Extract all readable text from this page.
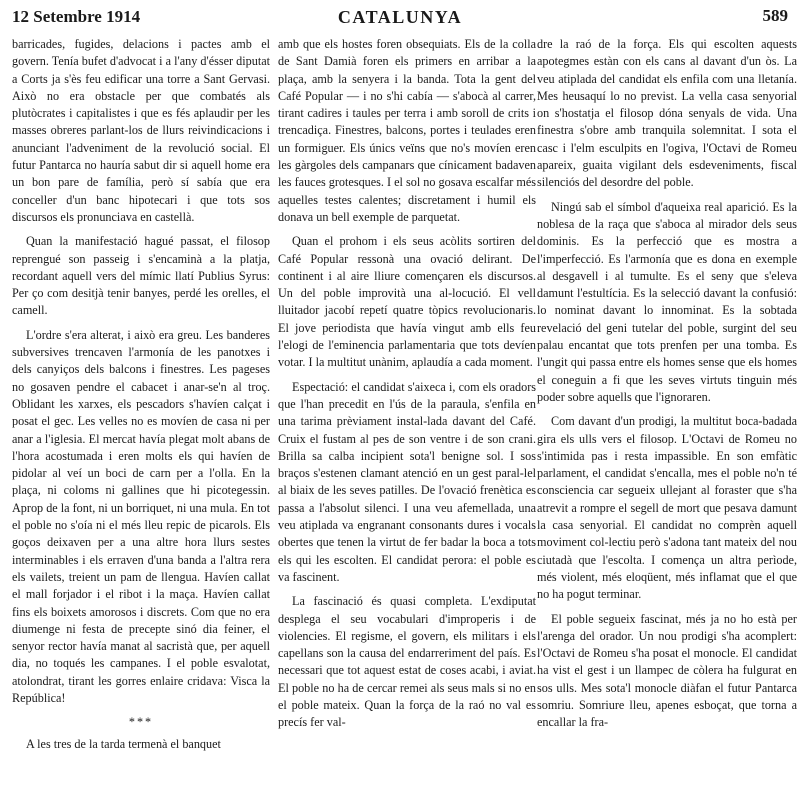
12 Setembre 1914	CATALUNYA	589

barricades, fugides, delacions i pactes amb el govern. Tenía bufet d'advocat i a l'any d'ésser diputat a Corts ja s'ès feu edificar una torre a Sant Gervasi. Això no era obstacle per que combatés als plutòcrates i capitalistes i que es fés aplaudir per les masses obreres parlant-los de llurs reivindicacions i anunciant l'adveniment de la revolució social. El futur Pantarca no hauría sabut dir si aquell home era un bon pare de família, però sí sabía que era conceller d'un banc hipotecari i que tots sos discursos els pronunciava en castellà.

Quan la manifestació hagué passat, el filosop reprengué son passeig i s'encaminà a la platja, recordant aquell vers del mímic llatí Publius Syrus: Per ço com desitjà tenir banyes, perdé les orelles, el camell.

L'ordre s'era alterat, i això era greu. Les banderes subversives trencaven l'armonía de les panotxes i dels canyiços dels balcons i finestres. Les pageses no gosaven pendre el cabacet i anar-se'n al troç. Oblidant les xarxes, els pescadors s'havíen calçat i posat el gec. Les velles no es movíen de casa ni per anar a l'iglesia. El mercat havía plegat molt abans de l'hora acostumada i eren molts els qui havíen de pidolar al veí un boci de carn per a l'olla. En la plaça, ni coloms ni gallines que hi picotegessin. Aprop de la font, ni un borriquet, ni una mula. En tot el poble no s'oía ni el més lleu repic de picarols. Els goços deixaven per a una altre hora llurs sestes interminables i els erraven d'una banda a l'altra rera els vailets, treient un pam de llengua. Havíen callat el mall forjador i el ribot i la maça. Havíen callat fins els boixets amorosos i discrets. Com que no era diumenge ni festa de precepte sinó dia feiner, el senyor rector havía manat al sacristà que, per aquell dia, no toqués les campanes. I el poble esvalotat, atolondrat, tirant les gorres enlaire cridava: Visca la República!

***

A les tres de la tarda termenà el banquet

amb que els hostes foren obsequiats. Els de la colla de Sant Damià foren els primers en arribar a la plaça, amb la senyera i la banda. Tota la gent del Café Popular — i no s'hi cabía — s'abocà al carrer, tirant cadires i taules per terra i amb soroll de crits i trencadiça. Finestres, balcons, portes i teulades eren un formiguer. Els únics veïns que no's movíen eren les gàrgoles dels campanars que cínicament badaven les fauces grotesques. I el sol no gosava escalfar més aquelles testes calentes; discretament i humil els donava un bell exemple de parquetat.

Quan el prohom i els seus acòlits sortiren del Café Popular ressonà una ovació delirant. De continent i al aire lliure començaren els discursos. Un del poble improvità una al-locució. El vell lluitador jacobí repetí quatre tòpics revolucionaris. El jove periodista que havía vingut amb ells feu l'elogi de l'eminencia parlamentaria que tots devíen votar. I la multitut unànim, aplaudía a cada moment.

Espectació: el candidat s'aixeca i, com els oradors que l'han precedit en l'ús de la paraula, s'enfila en una tarima prèviament instal-lada davant del Café. Cruix el fustam al pes de son ventre i de son crani. Brilla sa calba incipient sota'l benigne sol. I sos braços s'estenen clamant atenció en un gest paral-lel al biaix de les seves patilles. De l'ovació frenètica es passa a l'absolut silenci. I una veu afemellada, una veu atiplada va engranant consonants dures i vocals obertes que tenen la virtut de fer badar la boca a tots els qui les escolten. El candidat perora: el poble es va fascinent.

La fascinació és quasi completa. L'exdiputat desplega el seu vocabulari d'improperis i de violencies. El regisme, el govern, els militars i els capellans son la causa del endarreriment del país. Es necessari que tot aquest estat de coses acabi, i aviat. El poble no ha de cercar remei als seus mals si no en el poble mateix. Quan la força de la raó no val es precís fer val-

dre la raó de la força. Els qui escolten aquests apotegmes estàn con els cans al davant d'un òs. La veu atiplada del candidat els enfila com una lletanía. Mes heusaquí lo no previst. La vella casa senyorial on s'hostatja el filosop dóna senyals de vida. Una finestra s'obre amb tranquila solemnitat. I sota el casc i l'elm esculpits en l'ogiva, l'Octavi de Romeu apareix, guaita vigilant dels esdeveniments, fiscal silenciós del desordre del poble.

Ningú sab el símbol d'aqueixa real aparició. Es la noblesa de la raça que s'aboca al mirador dels seus dominis. Es la perfecció que es mostra a l'imperfecció. Es l'armonía que es dona en exemple al desgavell i al tumulte. Es el seny que s'eleva damunt l'estultícia. Es la selecció davant la confusió: lo nominat davant lo innominat. Es la sobtada revelació del geni tutelar del poble, surgint del seu palau encantat que tots prenfen per una tomba. Es l'ungit qui passa entre els homes sense que els homes el coneguin a fi que les seves virtuts tinguin més poder sobre aquells que l'ignoraren.

Com davant d'un prodigi, la multitut boca-badada gira els ulls vers el filosop. L'Octavi de Romeu no s'intimida pas i resta impassible. En son emfàtic parlament, el candidat s'encalla, mes el poble no'n té consciencia car segueix ullejant al foraster que s'ha atrevit a rompre el segell de mort que pesava damunt la casa senyorial. El candidat no comprèn aquell moviment col-lectiu però s'adona tant mateix del nou ciutadà que l'escolta. I comença un altra perìode, més violent, més eloqüent, més inflamat que el que no ha pogut terminar.

El poble segueix fascinat, més ja no ho està per l'arenga del orador. Un nou prodigi s'ha acomplert: l'Octavi de Romeu s'ha posat el monocle. El candidat ha vist el gest i un llampec de còlera ha fulgurat en sos ulls. Mes sota'l monocle diàfan el futur Pantarca somriu. Somriure lleu, apenes esboçat, que torna a encallar la fra-
